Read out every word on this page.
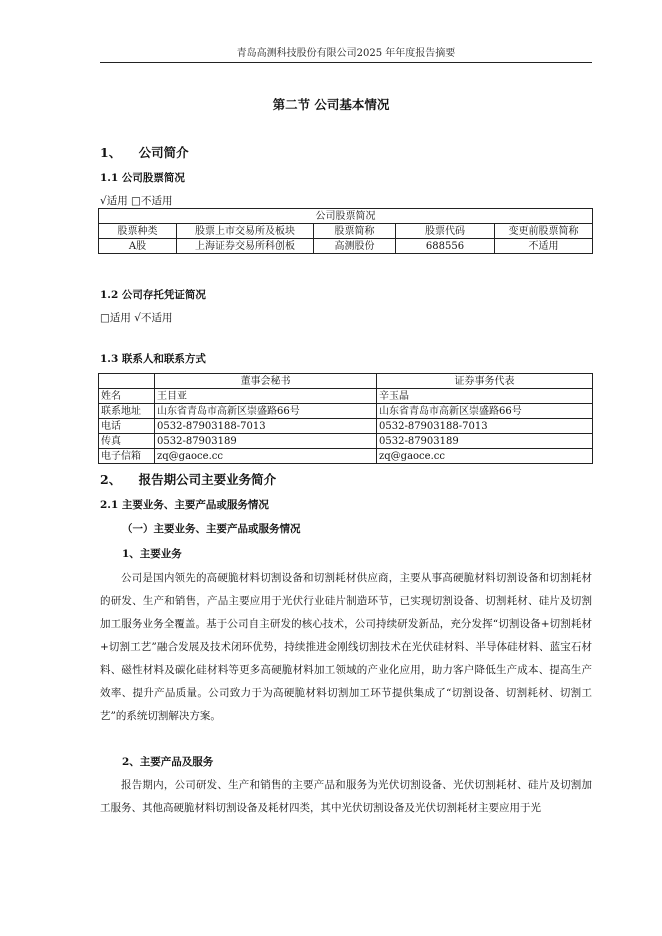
青岛高测科技股份有限公司2025 年年度报告摘要
第二节 公司基本情况
1、 公司简介
1.1 公司股票简况
√适用 □不适用
公司股票简况				
股票种类	股票上市交易所及板块	股票简称	股票代码	变更前股票简称
A股	上海证券交易所科创板	高测股份	688556	不适用
1.2 公司存托凭证简况
□适用 √不适用
1.3 联系人和联系方式
	董事会秘书	证券事务代表
姓名	王目亚	辛玉晶
联系地址	山东省青岛市高新区崇盛路66号	山东省青岛市高新区崇盛路66号
电话	0532-87903188-7013	0532-87903188-7013
传真	0532-87903189	0532-87903189
电子信箱	zq@gaoce.cc	zq@gaoce.cc
2、 报告期公司主要业务简介
2.1 主要业务、主要产品或服务情况
（一）主要业务、主要产品或服务情况
1、主要业务

公司是国内领先的高硬脆材料切割设备和切割耗材供应商，主要从事高硬脆材料切割设备和切割耗材的研发、生产和销售，产品主要应用于光伏行业硅片制造环节，已实现切割设备、切割耗材、硅片及切割加工服务业务全覆盖。基于公司自主研发的核心技术，公司持续研发新品，充分发挥“切割设备+切割耗材+切割工艺”融合发展及技术闭环优势，持续推进金刚线切割技术在光伏硅材料、半导体硅材料、蓝宝石材料、磁性材料及碳化硅材料等更多高硬脆材料加工领域的产业化应用，助力客户降低生产成本、提高生产效率、提升产品质量。公司致力于为高硬脆材料切割加工环节提供集成了“切割设备、切割耗材、切割工艺”的系统切割解决方案。

2、主要产品及服务

报告期内，公司研发、生产和销售的主要产品和服务为光伏切割设备、光伏切割耗材、硅片及切割加工服务、其他高硬脆材料切割设备及耗材四类，其中光伏切割设备及光伏切割耗材主要应用于光
